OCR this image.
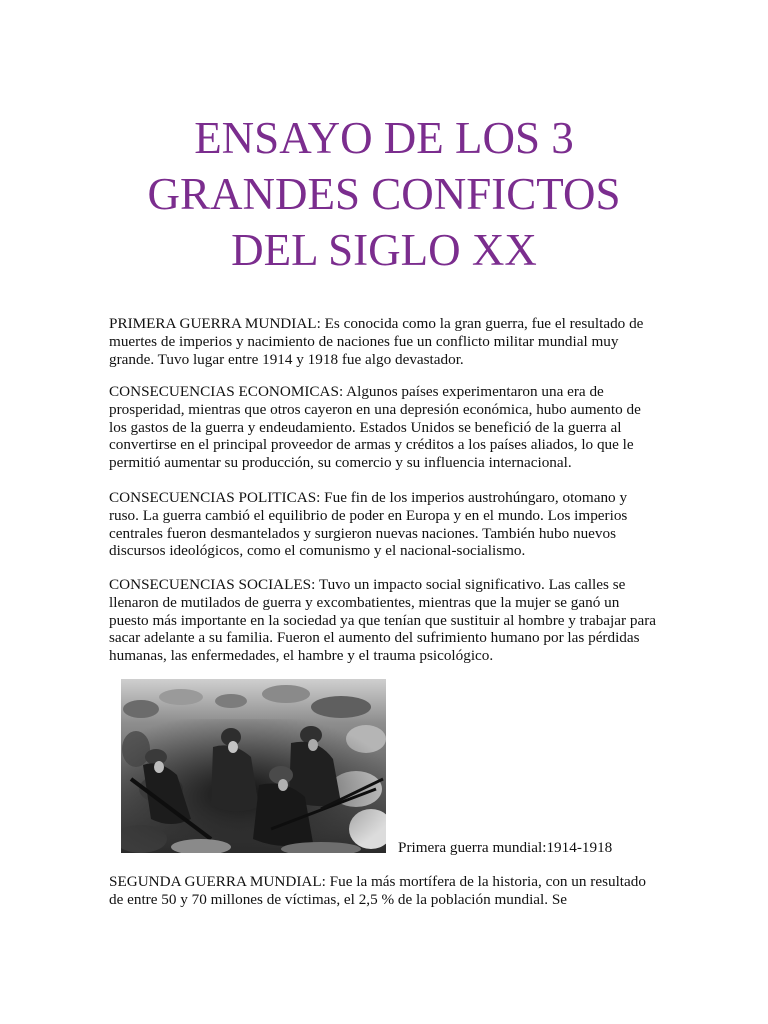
ENSAYO DE LOS 3
GRANDES CONFICTOS
DEL SIGLO XX

PRIMERA GUERRA MUNDIAL: Es conocida como la gran guerra, fue el resultado de muertes de imperios y nacimiento de naciones fue un conflicto militar mundial muy grande. Tuvo lugar entre 1914 y 1918 fue algo devastador.

CONSECUENCIAS ECONOMICAS: Algunos países experimentaron una era de prosperidad, mientras que otros cayeron en una depresión económica, hubo aumento de los gastos de la guerra y endeudamiento. Estados Unidos se benefició de la guerra al convertirse en el principal proveedor de armas y créditos a los países aliados, lo que le permitió aumentar su producción, su comercio y su influencia internacional.

CONSECUENCIAS POLITICAS: Fue fin de los imperios austrohúngaro, otomano y ruso. La guerra cambió el equilibrio de poder en Europa y en el mundo. Los imperios centrales fueron desmantelados y surgieron nuevas naciones. También hubo nuevos discursos ideológicos, como el comunismo y el nacional-socialismo.

CONSECUENCIAS SOCIALES: Tuvo un impacto social significativo. Las calles se llenaron de mutilados de guerra y excombatientes, mientras que la mujer se ganó un puesto más importante en la sociedad ya que tenían que sustituir al hombre y trabajar para sacar adelante a su familia. Fueron el aumento del sufrimiento humano por las pérdidas humanas, las enfermedades, el hambre y el trauma psicológico.

Primera guerra mundial:1914-1918

SEGUNDA GUERRA MUNDIAL: Fue la más mortífera de la historia, con un resultado de entre 50 y 70 millones de víctimas, el 2,5 % de la población mundial. Se
